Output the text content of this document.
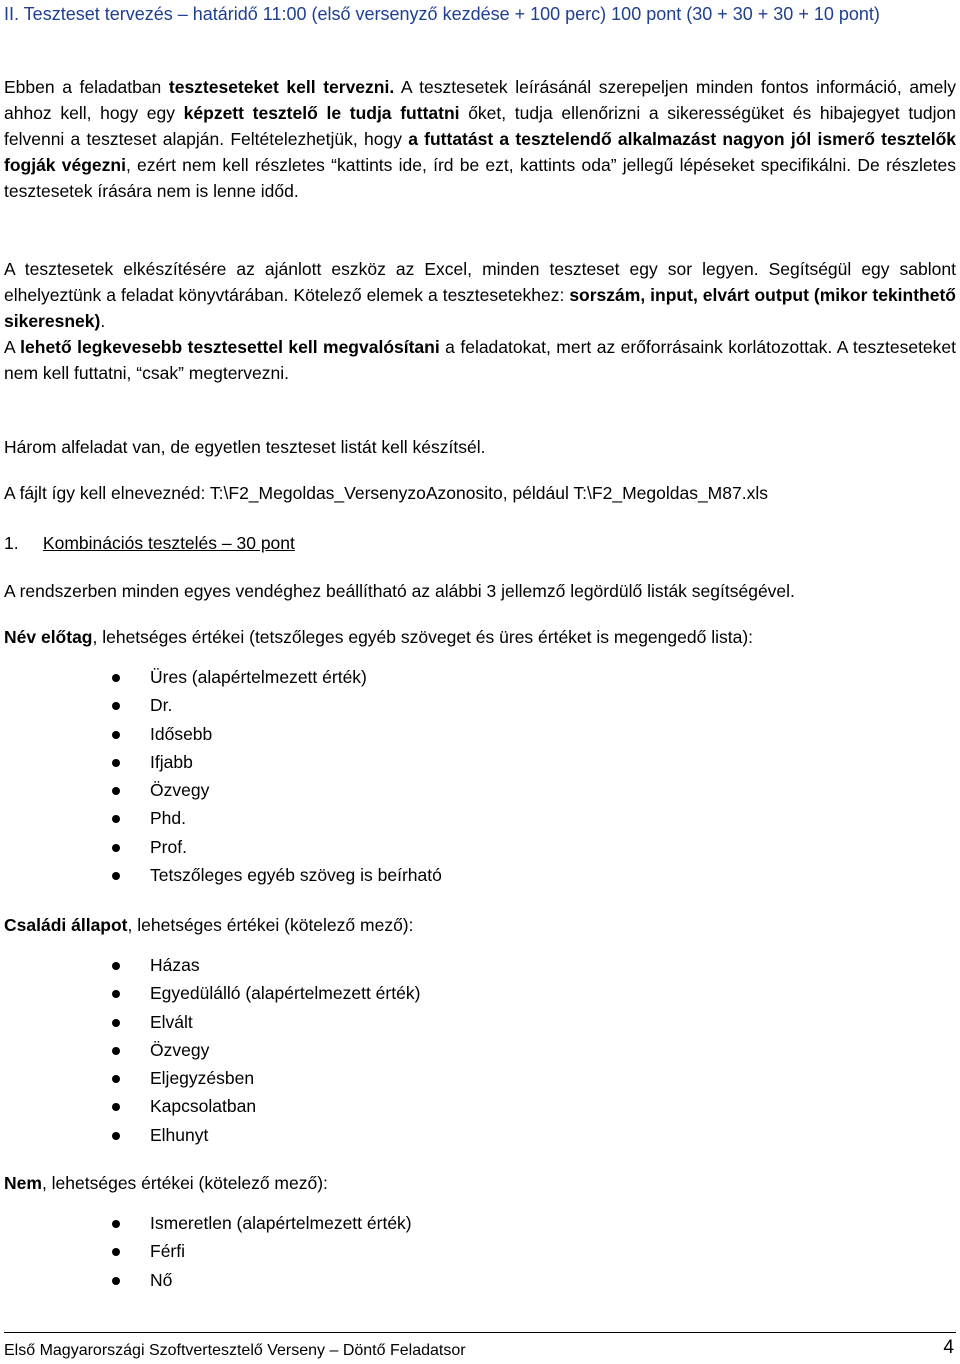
II. Teszteset tervezés – határidő 11:00 (első versenyző kezdése + 100 perc) 100 pont (30 + 30 + 30 + 10 pont)
Ebben a feladatban teszteseteket kell tervezni. A tesztesetek leírásánál szerepeljen minden fontos információ, amely ahhoz kell, hogy egy képzett tesztelő le tudja futtatni őket, tudja ellenőrizni a sikerességüket és hibajegyet tudjon felvenni a teszteset alapján. Feltételezhetjük, hogy a futtatást a tesztelendő alkalmazást nagyon jól ismerő tesztelők fogják végezni, ezért nem kell részletes “kattints ide, írd be ezt, kattints oda” jellegű lépéseket specifikálni. De részletes tesztesetek írására nem is lenne időd.
A tesztesetek elkészítésére az ajánlott eszköz az Excel, minden teszteset egy sor legyen. Segítségül egy sablont elhelyeztünk a feladat könyvtárában. Kötelező elemek a tesztesetekhez: sorszám, input, elvárt output (mikor tekinthető sikeresnek).
A lehető legkevesebb tesztesettel kell megvalósítani a feladatokat, mert az erőforrásaink korlátozottak. A teszteseteket nem kell futtatni, “csak” megtervezni.
Három alfeladat van, de egyetlen teszteset listát kell készítsél.
A fájlt így kell elneveznéd: T:\F2_Megoldas_VersenyzoAzonosito, például T:\F2_Megoldas_M87.xls
1. Kombinációs tesztelés – 30 pont
A rendszerben minden egyes vendéghez beállítható az alábbi 3 jellemző legördülő listák segítségével.
Név előtag, lehetséges értékei (tetszőleges egyéb szöveget és üres értéket is megengedő lista):
Üres (alapértelmezett érték)
Dr.
Idősebb
Ifjabb
Özvegy
Phd.
Prof.
Tetszőleges egyéb szöveg is beírható
Családi állapot, lehetséges értékei (kötelező mező):
Házas
Egyedülálló (alapértelmezett érték)
Elvált
Özvegy
Eljegyzésben
Kapcsolatban
Elhunyt
Nem, lehetséges értékei (kötelező mező):
Ismeretlen (alapértelmezett érték)
Férfi
Nő
Első Magyarországi Szoftvertesztelő Verseny – Döntő Feladatsor	4
